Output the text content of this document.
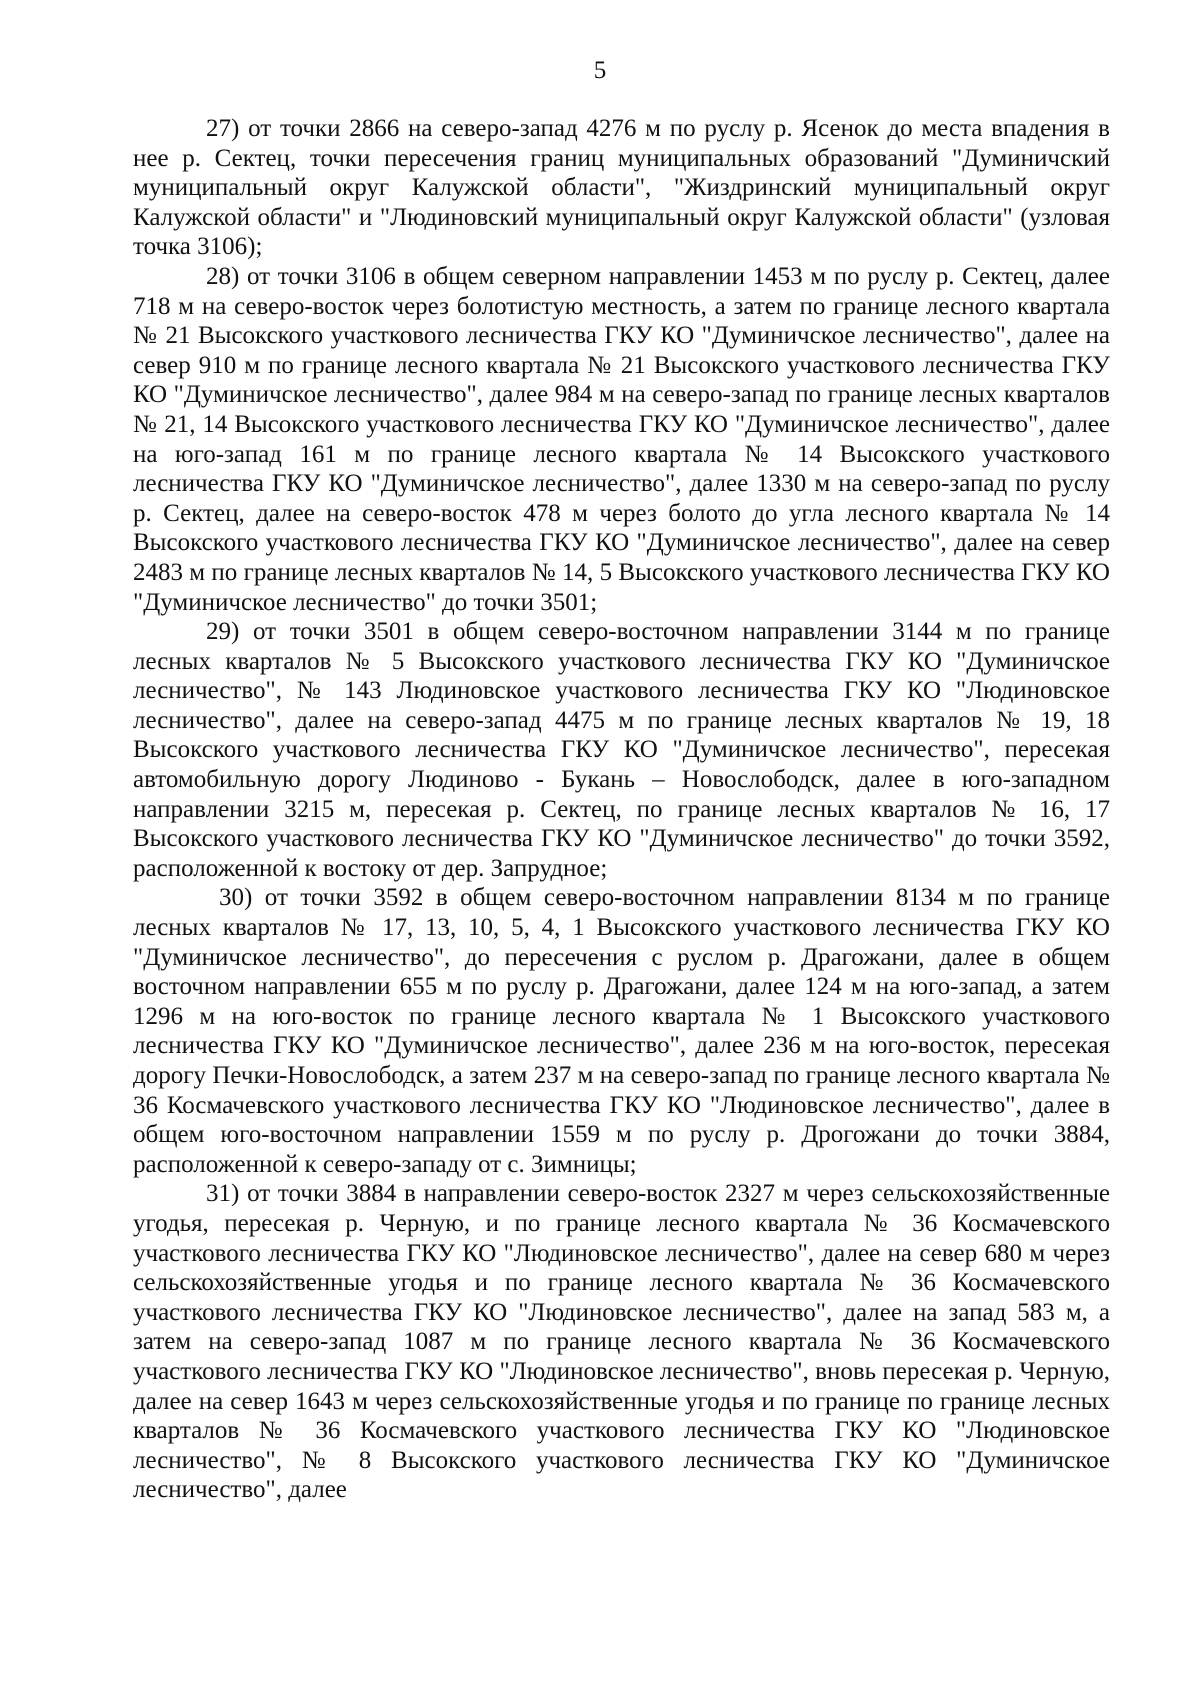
5

27) от точки 2866 на северо-запад 4276 м по руслу р. Ясенок до места впадения в нее р. Сектец, точки пересечения границ муниципальных образований "Думиничский муниципальный округ Калужской области", "Жиздринский муниципальный округ Калужской области" и "Людиновский муниципальный округ Калужской области" (узловая точка 3106);

28) от точки 3106 в общем северном направлении 1453 м по руслу р. Сектец, далее 718 м на северо-восток через болотистую местность, а затем по границе лесного квартала № 21 Высокского участкового лесничества ГКУ КО "Думиничское лесничество", далее на север 910 м по границе лесного квартала № 21 Высокского участкового лесничества ГКУ КО "Думиничское лесничество", далее 984 м на северо-запад по границе лесных кварталов № 21, 14 Высокского участкового лесничества ГКУ КО "Думиничское лесничество", далее на юго-запад 161 м по границе лесного квартала № 14 Высокского участкового лесничества ГКУ КО "Думиничское лесничество", далее 1330 м на северо-запад по руслу р. Сектец, далее на северо-восток 478 м через болото до угла лесного квартала № 14 Высокского участкового лесничества ГКУ КО "Думиничское лесничество", далее на север 2483 м по границе лесных кварталов № 14, 5 Высокского участкового лесничества ГКУ КО "Думиничское лесничество" до точки 3501;

29) от точки 3501 в общем северо-восточном направлении 3144 м по границе лесных кварталов № 5 Высокского участкового лесничества ГКУ КО "Думиничское лесничество", № 143 Людиновское участкового лесничества ГКУ КО "Людиновское лесничество", далее на северо-запад 4475 м по границе лесных кварталов № 19, 18 Высокского участкового лесничества ГКУ КО "Думиничское лесничество", пересекая автомобильную дорогу Людиново - Букань – Новослободск, далее в юго-западном направлении 3215 м, пересекая р. Сектец, по границе лесных кварталов № 16, 17 Высокского участкового лесничества ГКУ КО "Думиничское лесничество" до точки 3592, расположенной к востоку от дер. Запрудное;

30) от точки 3592 в общем северо-восточном направлении 8134 м по границе лесных кварталов № 17, 13, 10, 5, 4, 1 Высокского участкового лесничества ГКУ КО "Думиничское лесничество", до пересечения с руслом р. Драгожани, далее в общем восточном направлении 655 м по руслу р. Драгожани, далее 124 м на юго-запад, а затем 1296 м на юго-восток по границе лесного квартала № 1 Высокского участкового лесничества ГКУ КО "Думиничское лесничество", далее 236 м на юго-восток, пересекая дорогу Печки-Новослободск, а затем 237 м на северо-запад по границе лесного квартала № 36 Космачевского участкового лесничества ГКУ КО "Людиновское лесничество", далее в общем юго-восточном направлении 1559 м по руслу р. Дрогожани до точки 3884, расположенной к северо-западу от с. Зимницы;

31) от точки 3884 в направлении северо-восток 2327 м через сельскохозяйственные угодья, пересекая р. Черную, и по границе лесного квартала № 36 Космачевского участкового лесничества ГКУ КО "Людиновское лесничество", далее на север 680 м через сельскохозяйственные угодья и по границе лесного квартала № 36 Космачевского участкового лесничества ГКУ КО "Людиновское лесничество", далее на запад 583 м, а затем на северо-запад 1087 м по границе лесного квартала № 36 Космачевского участкового лесничества ГКУ КО "Людиновское лесничество", вновь пересекая р. Черную, далее на север 1643 м через сельскохозяйственные угодья и по границе по границе лесных кварталов № 36 Космачевского участкового лесничества ГКУ КО "Людиновское лесничество", № 8 Высокского участкового лесничества ГКУ КО "Думиничское лесничество", далее
